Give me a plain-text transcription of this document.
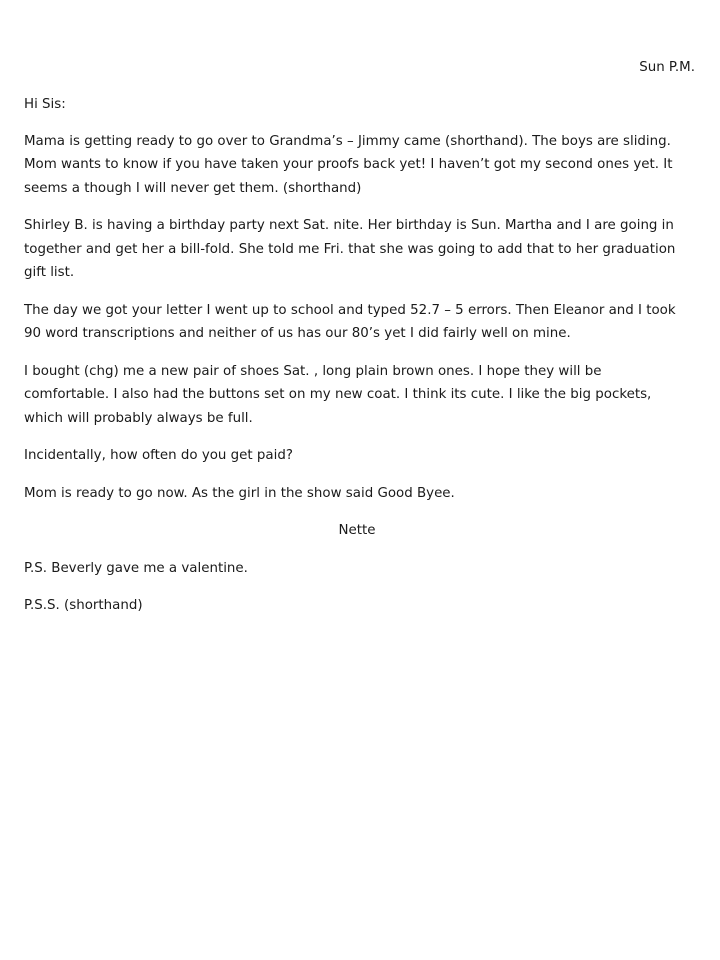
Sun P.M.

Hi Sis:

Mama is getting ready to go over to Grandma’s – Jimmy came (shorthand). The boys are sliding. Mom wants to know if you have taken your proofs back yet! I haven’t got my second ones yet. It seems a though I will never get them. (shorthand)

Shirley B. is having a birthday party next Sat. nite. Her birthday is Sun. Martha and I are going in together and get her a bill-fold. She told me Fri. that she was going to add that to her graduation gift list.

The day we got your letter I went up to school and typed 52.7 – 5 errors. Then Eleanor and I took 90 word transcriptions and neither of us has our 80’s yet I did fairly well on mine.

I bought (chg) me a new pair of shoes Sat. , long plain brown ones. I hope they will be comfortable. I also had the buttons set on my new coat. I think its cute. I like the big pockets, which will probably always be full.

Incidentally, how often do you get paid?

Mom is ready to go now. As the girl in the show said Good Byee.

Nette

P.S. Beverly gave me a valentine.

P.S.S. (shorthand)
